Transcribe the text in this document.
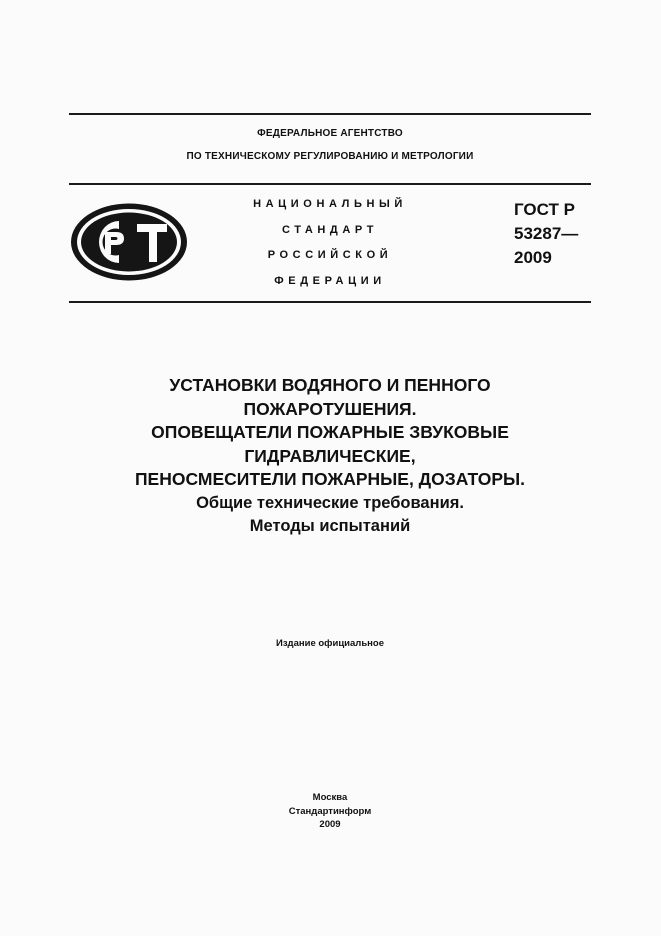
ФЕДЕРАЛЬНОЕ АГЕНТСТВО
ПО ТЕХНИЧЕСКОМУ РЕГУЛИРОВАНИЮ И МЕТРОЛОГИИ
НАЦИОНАЛЬНЫЙ
СТАНДАРТ
РОССИЙСКОЙ
ФЕДЕРАЦИИ
ГОСТ Р
53287—
2009
УСТАНОВКИ ВОДЯНОГО И ПЕННОГО
ПОЖАРОТУШЕНИЯ.
ОПОВЕЩАТЕЛИ ПОЖАРНЫЕ ЗВУКОВЫЕ
ГИДРАВЛИЧЕСКИЕ,
ПЕНОСМЕСИТЕЛИ ПОЖАРНЫЕ, ДОЗАТОРЫ.
Общие технические требования.
Методы испытаний
Издание официальное
Москва
Стандартинформ
2009
